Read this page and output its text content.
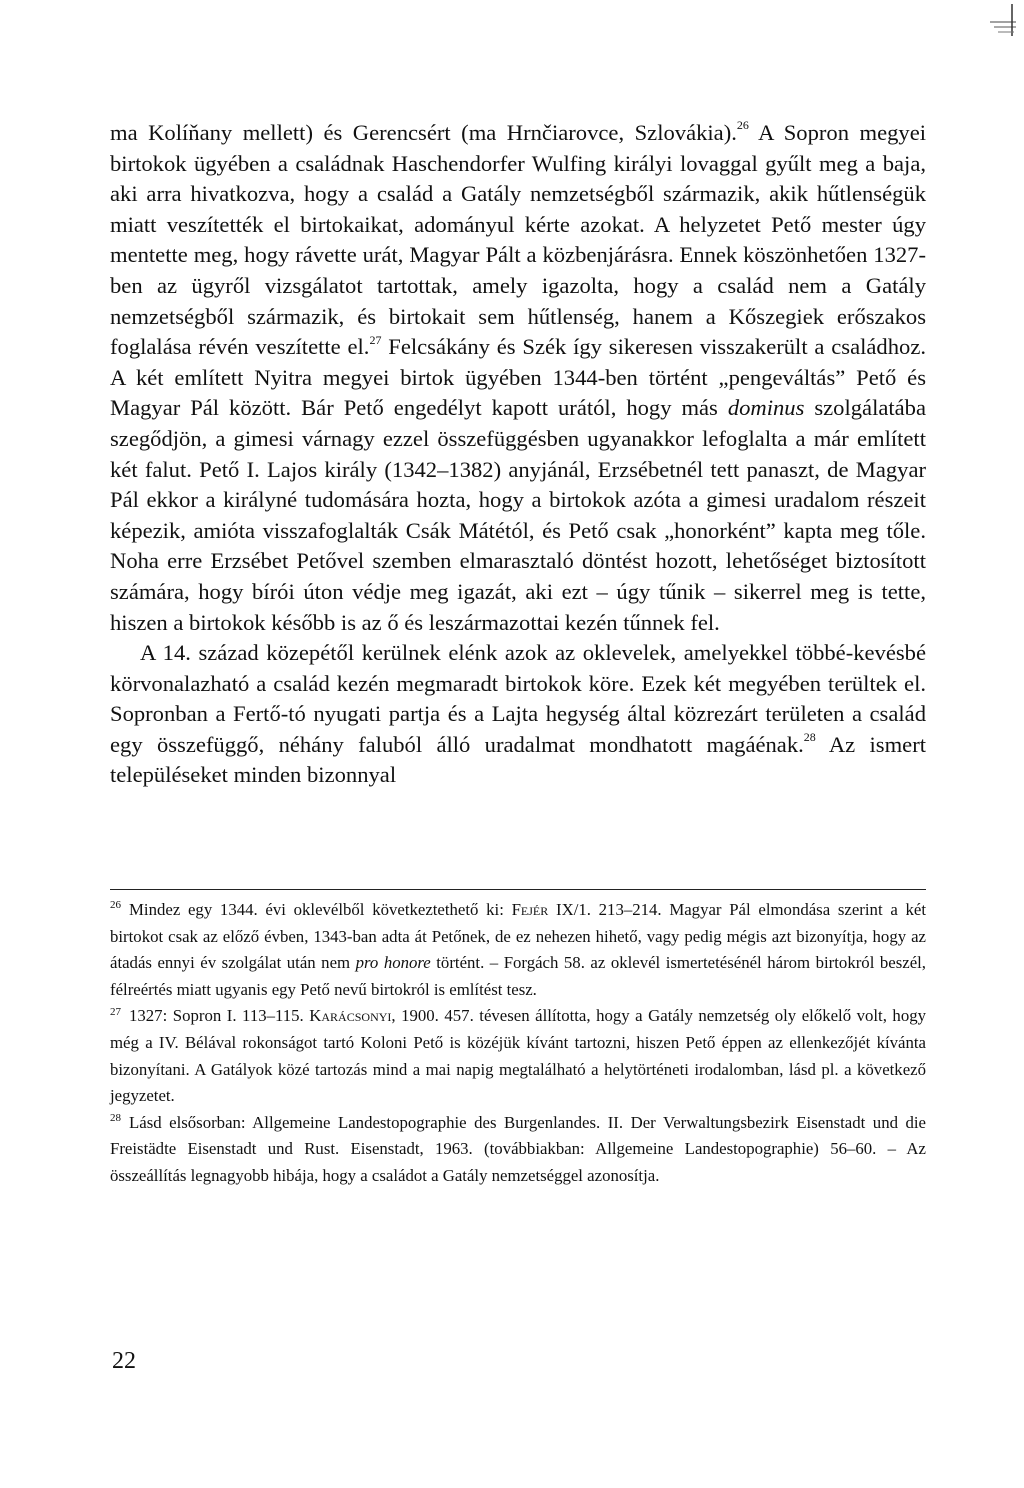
ma Kolíňany mellett) és Gerencsért (ma Hrnčiarovce, Szlovákia).$^{26}$ A Sopron megyei birtokok ügyében a családnak Haschendorfer Wulfing királyi lovaggal gyűlt meg a baja, aki arra hivatkozva, hogy a család a Gatály nemzetségből származik, akik hűtlenségük miatt veszítették el birtokaikat, adományul kérte azokat. A helyzetet Pető mester úgy mentette meg, hogy rávette urát, Magyar Pált a közbenjárásra. Ennek köszönhetően 1327-ben az ügyről vizsgálatot tartottak, amely igazolta, hogy a család nem a Gatály nemzetségből származik, és birtokait sem hűtlenség, hanem a Kőszegiek erőszakos foglalása révén veszítette el.$^{27}$ Felcsákány és Szék így sikeresen visszakerült a családhoz. A két említett Nyitra megyei birtok ügyében 1344-ben történt „pengeváltás” Pető és Magyar Pál között. Bár Pető engedélyt kapott urától, hogy más dominus szolgálatába szegődjön, a gimesi várnagy ezzel összefüggésben ugyanakkor lefoglalta a már említett két falut. Pető I. Lajos király (1342–1382) anyjánál, Erzsébetnél tett panaszt, de Magyar Pál ekkor a királyné tudomására hozta, hogy a birtokok azóta a gimesi uradalom részeit képezik, amióta visszafoglalták Csák Mátétól, és Pető csak „honorként” kapta meg tőle. Noha erre Erzsébet Petővel szemben elmarasztaló döntést hozott, lehetőséget biztosított számára, hogy bírói úton védje meg igazát, aki ezt – úgy tűnik – sikerrel meg is tette, hiszen a birtokok később is az ő és leszármazottai kezén tűnnek fel.

A 14. század közepétől kerülnek elénk azok az oklevelek, amelyekkel többé-kevésbé körvonalazható a család kezén megmaradt birtokok köre. Ezek két megyében terültek el. Sopronban a Fertő-tó nyugati partja és a Lajta hegység által közrezárt területen a család egy összefüggő, néhány faluból álló uradalmat mondhatott magáénak.$^{28}$ Az ismert településeket minden bizonnyal

$^{26}$ Mindez egy 1344. évi oklevélből következtethető ki: Fejér IX/1. 213–214. Magyar Pál elmondása szerint a két birtokot csak az előző évben, 1343-ban adta át Petőnek, de ez nehezen hihető, vagy pedig mégis azt bizonyítja, hogy az átadás ennyi év szolgálat után nem pro honore történt. – Forgách 58. az oklevél ismertetésénél három birtokról beszél, félreértés miatt ugyanis egy Pető nevű birtokról is említést tesz.

$^{27}$ 1327: Sopron I. 113–115. Karácsonyi, 1900. 457. tévesen állította, hogy a Gatály nemzetség oly előkelő volt, hogy még a IV. Bélával rokonságot tartó Koloni Pető is közéjük kívánt tartozni, hiszen Pető éppen az ellenkezőjét kívánta bizonyítani. A Gatályok közé tartozás mind a mai napig megtalálható a helytörténeti irodalomban, lásd pl. a következő jegyzetet.

$^{28}$ Lásd elsősorban: Allgemeine Landestopographie des Burgenlandes. II. Der Verwaltungsbezirk Eisenstadt und die Freistädte Eisenstadt und Rust. Eisenstadt, 1963. (továbbiakban: Allgemeine Landestopographie) 56–60. – Az összeállítás legnagyobb hibája, hogy a családot a Gatály nemzetséggel azonosítja.

22
